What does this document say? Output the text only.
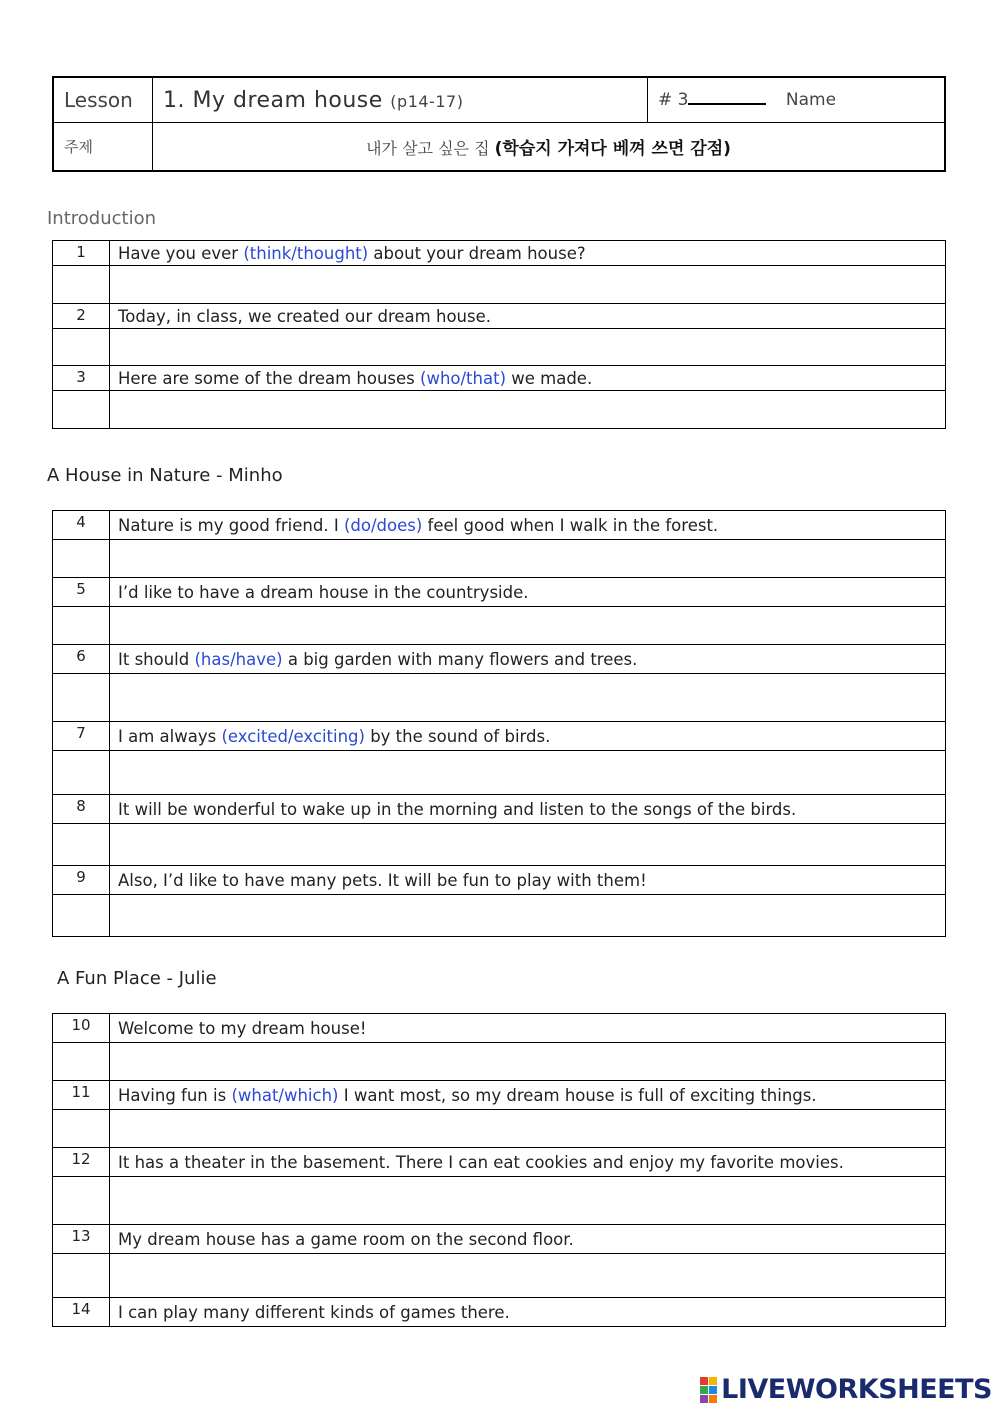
Lesson	1. My dream house (p14-17)	# 3 Name
주제	내가 살고 싶은 집 (학습지 가져다 베껴 쓰면 감점)	
Introduction
1	Have you ever (think/thought) about your dream house?

2	Today, in class, we created our dream house.

3	Here are some of the dream houses (who/that) we made.

A House in Nature - Minho
4	Nature is my good friend. I (do/does) feel good when I walk in the forest.

5	I’d like to have a dream house in the countryside.

6	It should (has/have) a big garden with many flowers and trees.

7	I am always (excited/exciting) by the sound of birds.

8	It will be wonderful to wake up in the morning and listen to the songs of the birds.

9	Also, I’d like to have many pets. It will be fun to play with them!

A Fun Place - Julie
10	Welcome to my dream house!

11	Having fun is (what/which) I want most, so my dream house is full of exciting things.

12	It has a theater in the basement. There I can eat cookies and enjoy my favorite movies.

13	My dream house has a game room on the second floor.

14	I can play many different kinds of games there.
LIVEWORKSHEETS
